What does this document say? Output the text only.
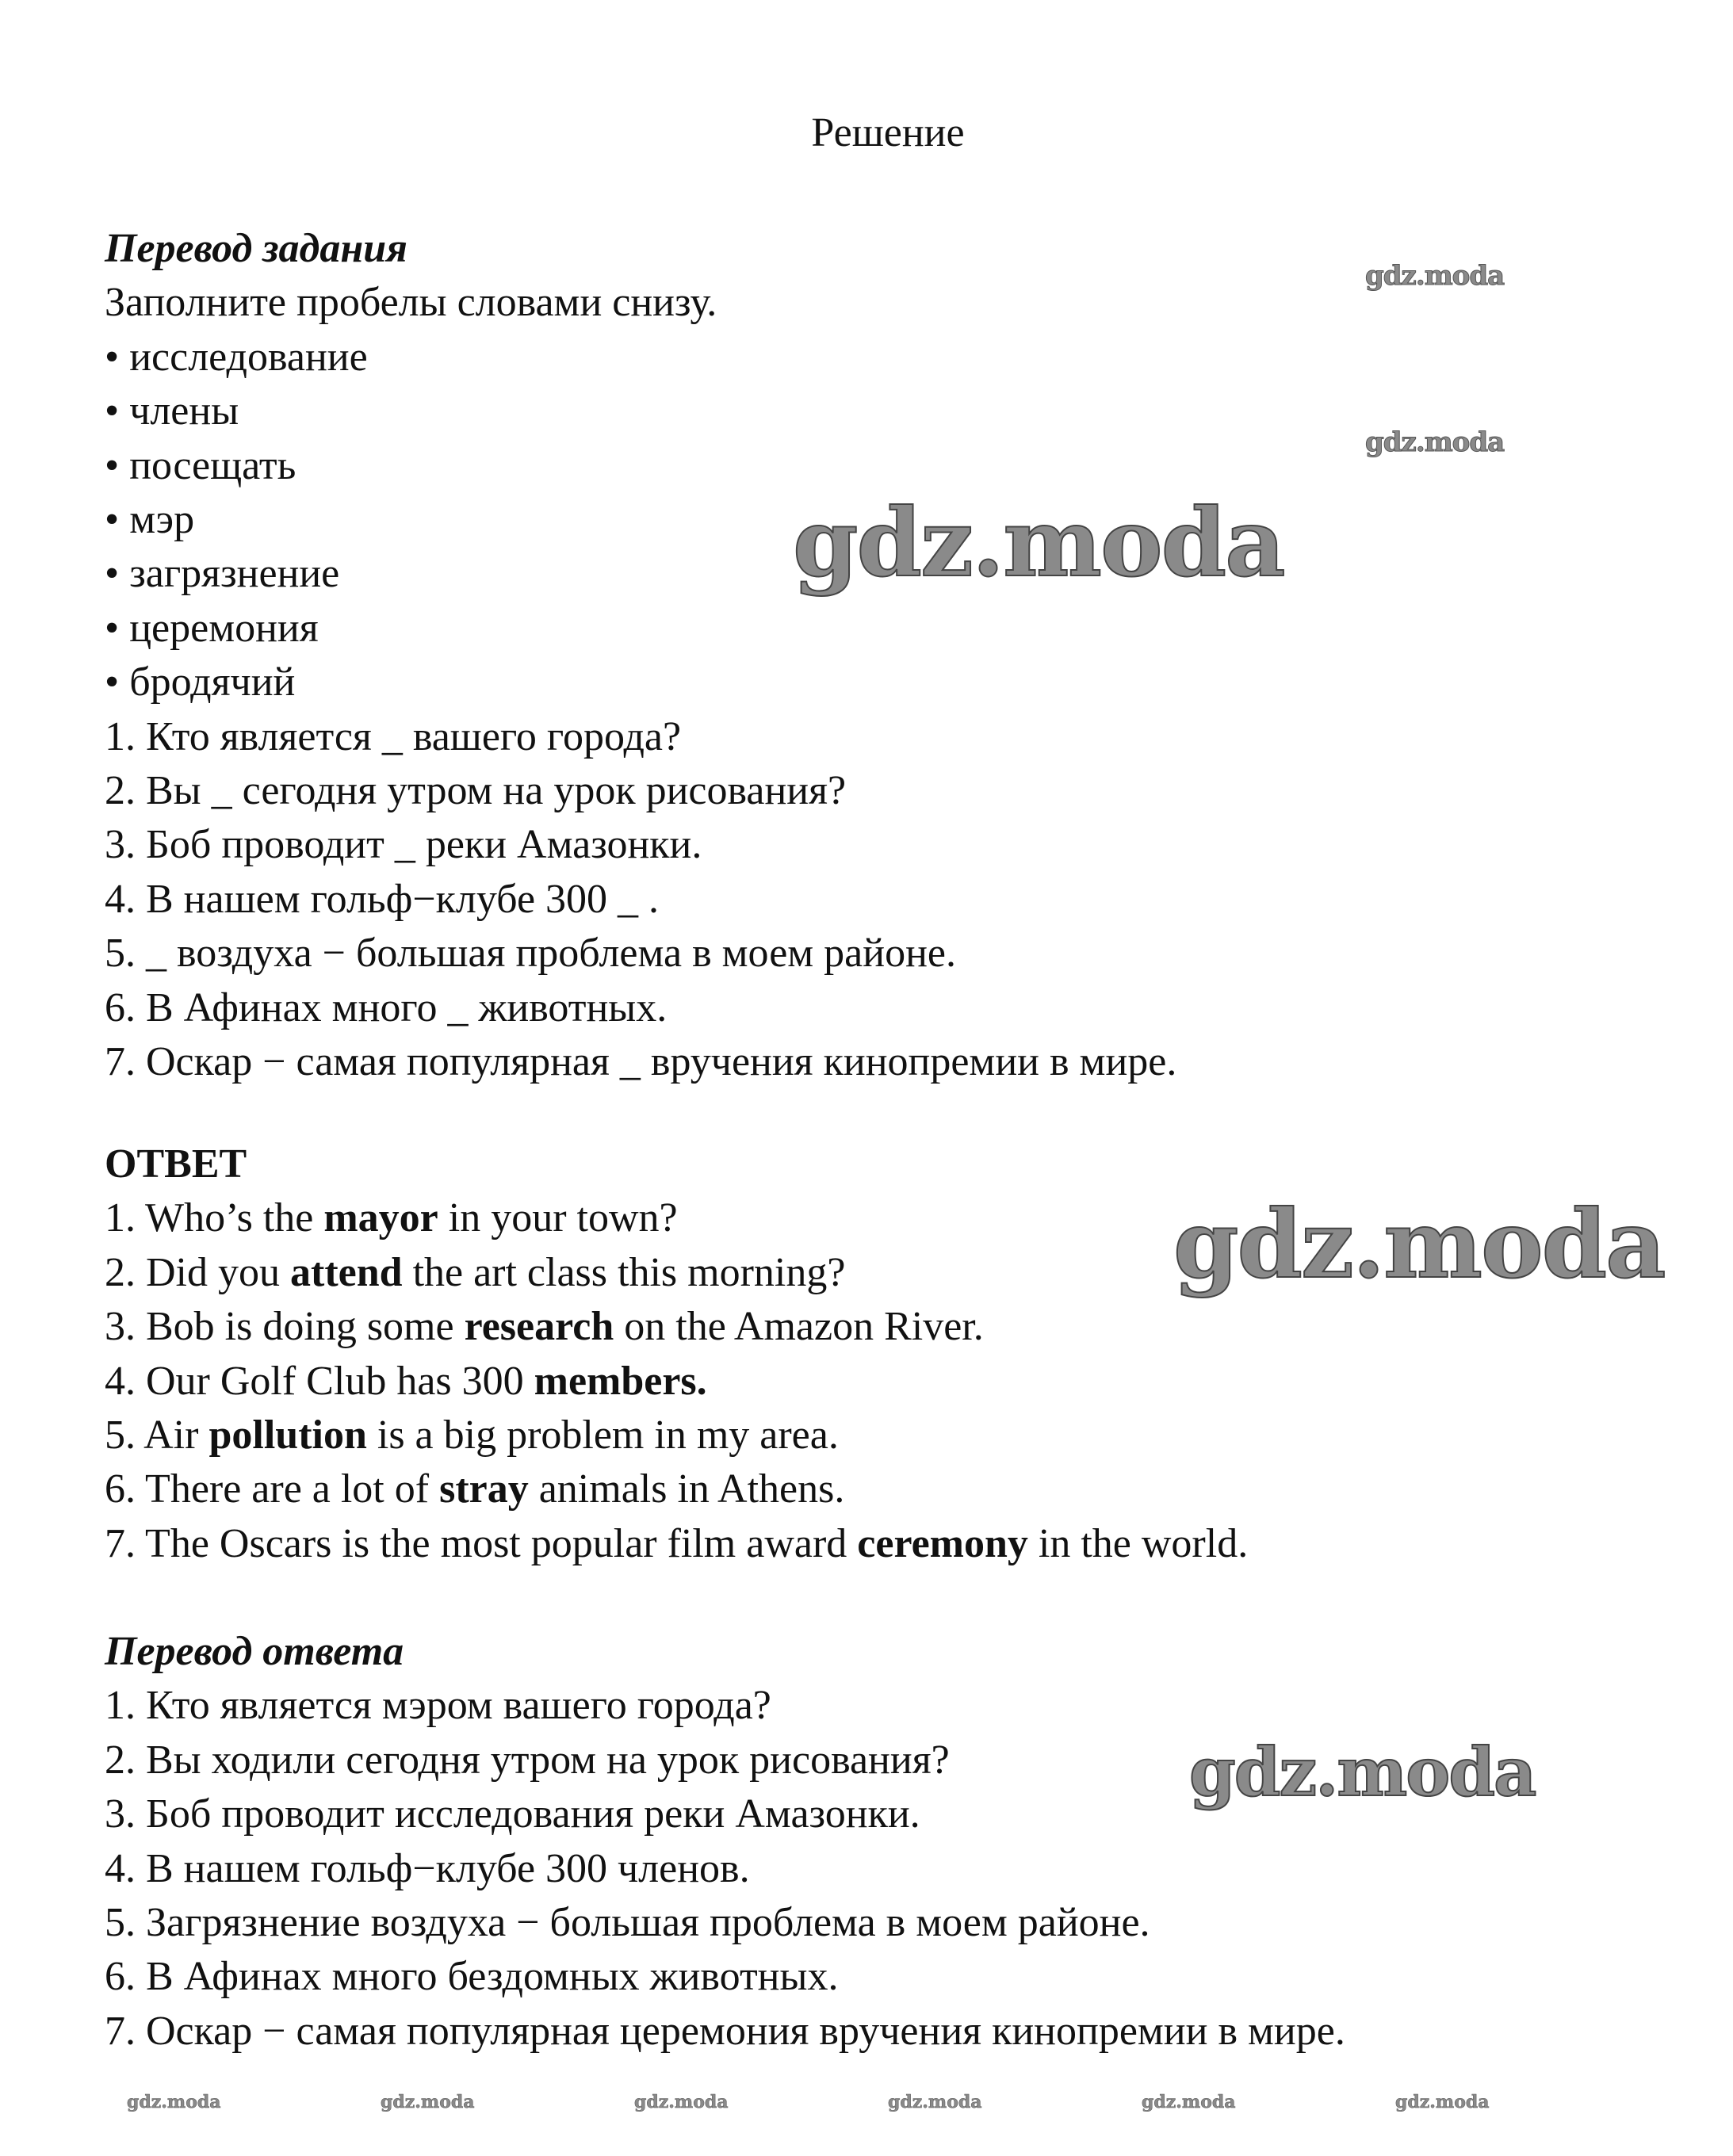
Решение
Перевод задания
Заполните пробелы словами снизу.
• исследование
• члены
• посещать
• мэр
• загрязнение
• церемония
• бродячий
1. Кто является _ вашего города?
2. Вы _ сегодня утром на урок рисования?
3. Боб проводит _ реки Амазонки.
4. В нашем гольф−клубе 300 _ .
5. _ воздуха − большая проблема в моем районе.
6. В Афинах много _ животных.
7. Оскар − самая популярная _ вручения кинопремии в мире.
ОТВЕТ
1. Who’s the mayor in your town?
2. Did you attend the art class this morning?
3. Bob is doing some research on the Amazon River.
4. Our Golf Club has 300 members.
5. Air pollution is a big problem in my area.
6. There are a lot of stray animals in Athens.
7. The Oscars is the most popular film award ceremony in the world.
Перевод ответа
1. Кто является мэром вашего города?
2. Вы ходили сегодня утром на урок рисования?
3. Боб проводит исследования реки Амазонки.
4. В нашем гольф−клубе 300 членов.
5. Загрязнение воздуха − большая проблема в моем районе.
6. В Афинах много бездомных животных.
7. Оскар − самая популярная церемония вручения кинопремии в мире.
gdz.moda
gdz.moda
gdz.moda
gdz.moda
gdz.moda
gdz.moda	gdz.moda	gdz.moda	gdz.moda	gdz.moda	gdz.moda
